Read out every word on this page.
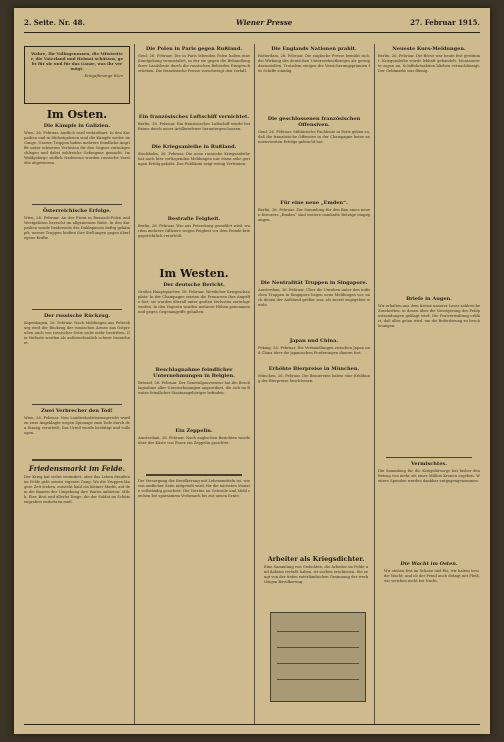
2. Seite. Nr. 48.	Wiener Presse	27. Februar 1915.
Wahre, Ihr Volksgenossen, die Mitstreiter, die Vaterland und Heimat schützen, gebt für sie und für das Ganze, was ihr vermögt.
Kriegsfürsorge Wien
Im Osten.
Die Kämpfe in Galizien.
Wien, 26. Februar. Amtlich wird verlautbart: In den Karpathen und in Südostgalizien sind die Kämpfe weiter im Gange. Unsere Truppen haben mehrere feindliche Angriffe unter schweren Verlusten für den Gegner zurückgeschlagen und dabei zahlreiche Gefangene gemacht. Im Waldgebirge südlich Nadworna wurden russische Vorstöße abgewiesen.
Österreichische Erfolge.
Wien, 26. Februar. An der Front in Russisch-Polen und Westgalizien herrscht im allgemeinen Ruhe. In den Karpathen wurde beiderseits des Duklapasses heftig gekämpft; unsere Truppen hielten ihre Stellungen gegen überlegene Kräfte.
Der russische Rückzug.
Kopenhagen, 26. Februar. Nach Meldungen aus Petersburg wird der Rückzug der russischen Armee aus Ostpreußen auch von russischer Seite nicht mehr bestritten. Die Verluste werden als außerordentlich schwer bezeichnet.
Zwei Verbrecher den Tod!
Wien, 26. Februar. Vom Landwehrdivisionsgericht wurden zwei Angeklagte wegen Spionage zum Tode durch den Strang verurteilt. Das Urteil wurde bestätigt und vollzogen.
Friedensmarkt im Felde.
Der Krieg hat vieles verändert, aber das Leben draußen im Felde geht seinen eigenen Gang. Wo die Truppen längere Zeit stehen, entsteht bald ein kleiner Markt, auf dem die Bauern der Umgebung ihre Waren anbieten: Milch, Eier, Brot und allerlei Dinge, die der Soldat im Schützengraben entbehren muß.
Die Polen in Paris gegen Rußland.
Genf, 26. Februar. Die in Paris lebenden Polen haben eine Kundgebung veranstaltet, in der sie gegen die Behandlung ihrer Landsleute durch die russischen Behörden Einspruch erheben. Die französische Presse verschweigt den Vorfall.
Ein französisches Luftschiff vernichtet.
Berlin, 26. Februar. Ein französisches Luftschiff wurde bei Reims durch unser Artilleriefeuer heruntergeschossen.
Die Kriegsanleihe in Rußland.
Stockholm, 26. Februar. Die neue russische Kriegsanleihe hat nach hier vorliegenden Meldungen nur einen sehr geringen Erfolg gehabt. Das Publikum zeigt wenig Vertrauen.
Bestrafte Feigheit.
Berlin, 26. Februar. Wie aus Petersburg gemeldet wird, wurden mehrere Offiziere wegen Feigheit vor dem Feinde kriegsgerichtlich verurteilt.
Im Westen.
Der deutsche Bericht.
Großes Hauptquartier, 26. Februar. Westlicher Kriegsschauplatz: In der Champagne setzten die Franzosen ihre Angriffe fort; sie wurden überall unter großen Verlusten zurückgeworfen. In den Vogesen wurden mehrere Höhen genommen und gegen Gegenangriffe gehalten.
Beschlagnahme feindlicher Unternehmungen in Belgien.
Brüssel, 26. Februar. Der Generalgouverneur hat die Beschlagnahme aller Unternehmungen angeordnet, die sich im Besitze feindlicher Staatsangehöriger befinden.
Ein Zeppelin.
Amsterdam, 26. Februar. Nach englischen Berichten wurde über der Küste von Essex ein Zeppelin gesichtet.
Die Versorgung der Bevölkerung mit Lebensmitteln ist, wie von amtlicher Seite mitgeteilt wird, für die nächsten Monate vollständig gesichert. Die Vorräte an Getreide und Mehl reichen bei sparsamem Verbrauch bis zur neuen Ernte.
Die Englands Nationen prahlt.
Rotterdam, 26. Februar. Die englische Presse bemüht sich, die Wirkung des deutschen Unterseebootkrieges als gering darzustellen. Trotzdem steigen die Versicherungsprämien für Schiffe ständig.
Die geschlossenen französischen Offensiven.
Genf, 26. Februar. Militärische Fachleute in Paris geben zu, daß die französische Offensive in der Champagne keine nennenswerten Erfolge gebracht hat.
Für eine neue „Emden“.
Berlin, 26. Februar. Zur Sammlung für den Bau eines neuen Kreuzers „Emden“ sind weitere namhafte Beträge eingegangen.
Die Neutralität Truppen in Singapore.
Amsterdam, 26. Februar. Über die Unruhen unter den indischen Truppen in Singapore liegen neue Meldungen vor, nach denen der Aufstand größer war, als zuerst zugegeben wurde.
Japan und China.
Peking, 26. Februar. Die Verhandlungen zwischen Japan und China über die japanischen Forderungen dauern fort.
Erhöhte Bierpreise in München.
München, 26. Februar. Die Brauereien haben eine Erhöhung der Bierpreise beschlossen.
Arbeiter als Kriegsdichter.
Eine Sammlung von Gedichten, die Arbeiter im Felde und daheim verfaßt haben, ist soeben erschienen. Sie zeugt von der tiefen vaterländischen Gesinnung der werktätigen Bevölkerung.
Neueste Kurs-Meldungen.
Berlin, 26. Februar. Die Börse war heute fest gestimmt. Kriegsanleihe wurde lebhaft gehandelt. Montanwerte zogen an, Schiffahrtsaktien blieben vernachlässigt. Der Geldmarkt war flüssig.
Briefe in Augen.
Wir erhalten aus dem Kreise unserer Leser zahlreiche Zuschriften, in denen über die Verzögerung der Feldpostsendungen geklagt wird. Die Postverwaltung erklärt, daß alles getan wird, um die Beförderung zu beschleunigen.
Vermischtes.
Die Sammlung für die Kriegsfürsorge hat bisher den Betrag von mehr als einer Million Kronen ergeben. Weitere Spenden werden dankbar entgegengenommen.
Die Wacht im Osten.
Wir stehen fest im Schnee und Eis, wir halten treu die Wacht; und ob der Feind auch drängt mit Fleiß, wir weichen nicht bei Nacht.
